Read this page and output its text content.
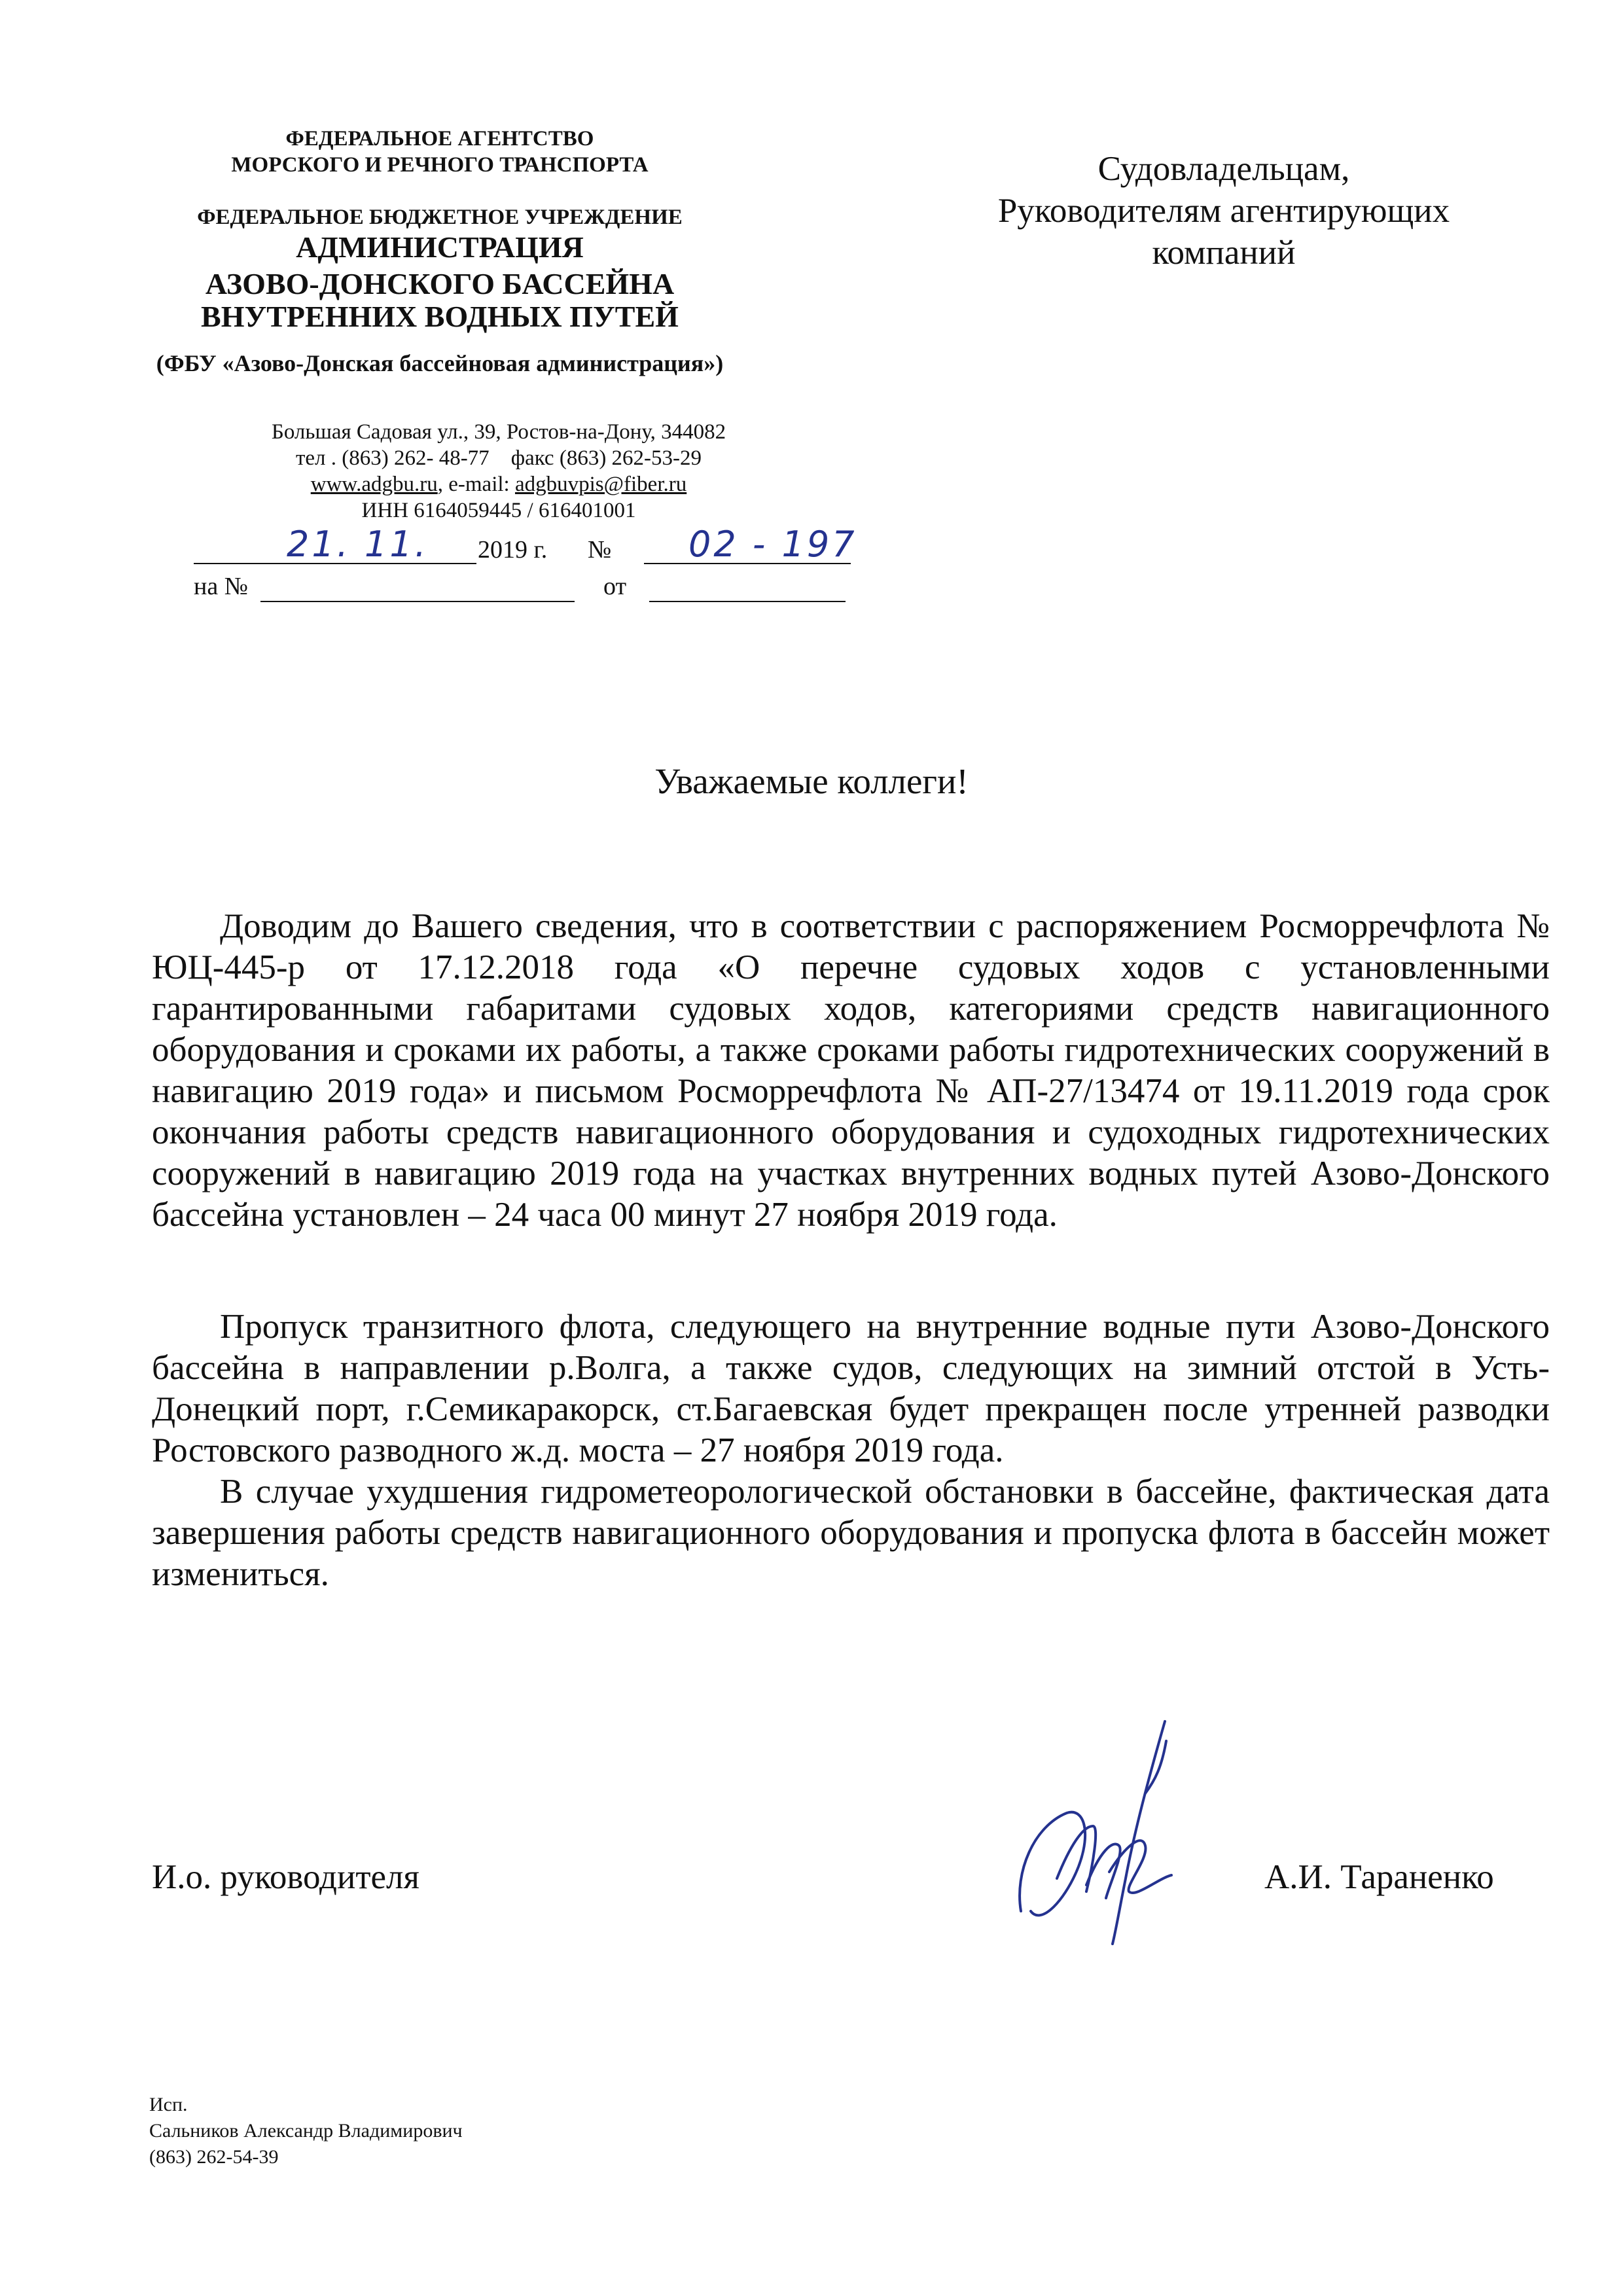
ФЕДЕРАЛЬНОЕ АГЕНТСТВО
МОРСКОГО И РЕЧНОГО ТРАНСПОРТА
ФЕДЕРАЛЬНОЕ БЮДЖЕТНОЕ УЧРЕЖДЕНИЕ
АДМИНИСТРАЦИЯ
АЗОВО-ДОНСКОГО БАССЕЙНА
ВНУТРЕННИХ ВОДНЫХ ПУТЕЙ
(ФБУ «Азово-Донская бассейновая администрация»)
Большая Садовая ул., 39, Ростов-на-Дону, 344082
тел . (863) 262- 48-77 факс (863) 262-53-29
www.adgbu.ru, e-mail: adgbuvpis@fiber.ru
ИНН 6164059445 / 616401001
21. 11. 2019 г. № 02 - 197
на №	от
Судовладельцам,
Руководителям агентирующих
компаний
Уважаемые коллеги!
Доводим до Вашего сведения, что в соответствии с распоряжением Росморречфлота № ЮЦ-445-р от 17.12.2018 года «О перечне судовых ходов с установленными гарантированными габаритами судовых ходов, категориями средств навигационного оборудования и сроками их работы, а также сроками работы гидротехнических сооружений в навигацию 2019 года» и письмом Росморречфлота № АП-27/13474 от 19.11.2019 года срок окончания работы средств навигационного оборудования и судоходных гидротехнических сооружений в навигацию 2019 года на участках внутренних водных путей Азово-Донского бассейна установлен – 24 часа 00 минут 27 ноября 2019 года.
Пропуск транзитного флота, следующего на внутренние водные пути Азово-Донского бассейна в направлении р.Волга, а также судов, следующих на зимний отстой в Усть-Донецкий порт, г.Семикаракорск, ст.Багаевская будет прекращен после утренней разводки Ростовского разводного ж.д. моста – 27 ноября 2019 года.
В случае ухудшения гидрометеорологической обстановки в бассейне, фактическая дата завершения работы средств навигационного оборудования и пропуска флота в бассейн может измениться.
И.о. руководителя	А.И. Тараненко
Исп.
Сальников Александр Владимирович
(863) 262-54-39
